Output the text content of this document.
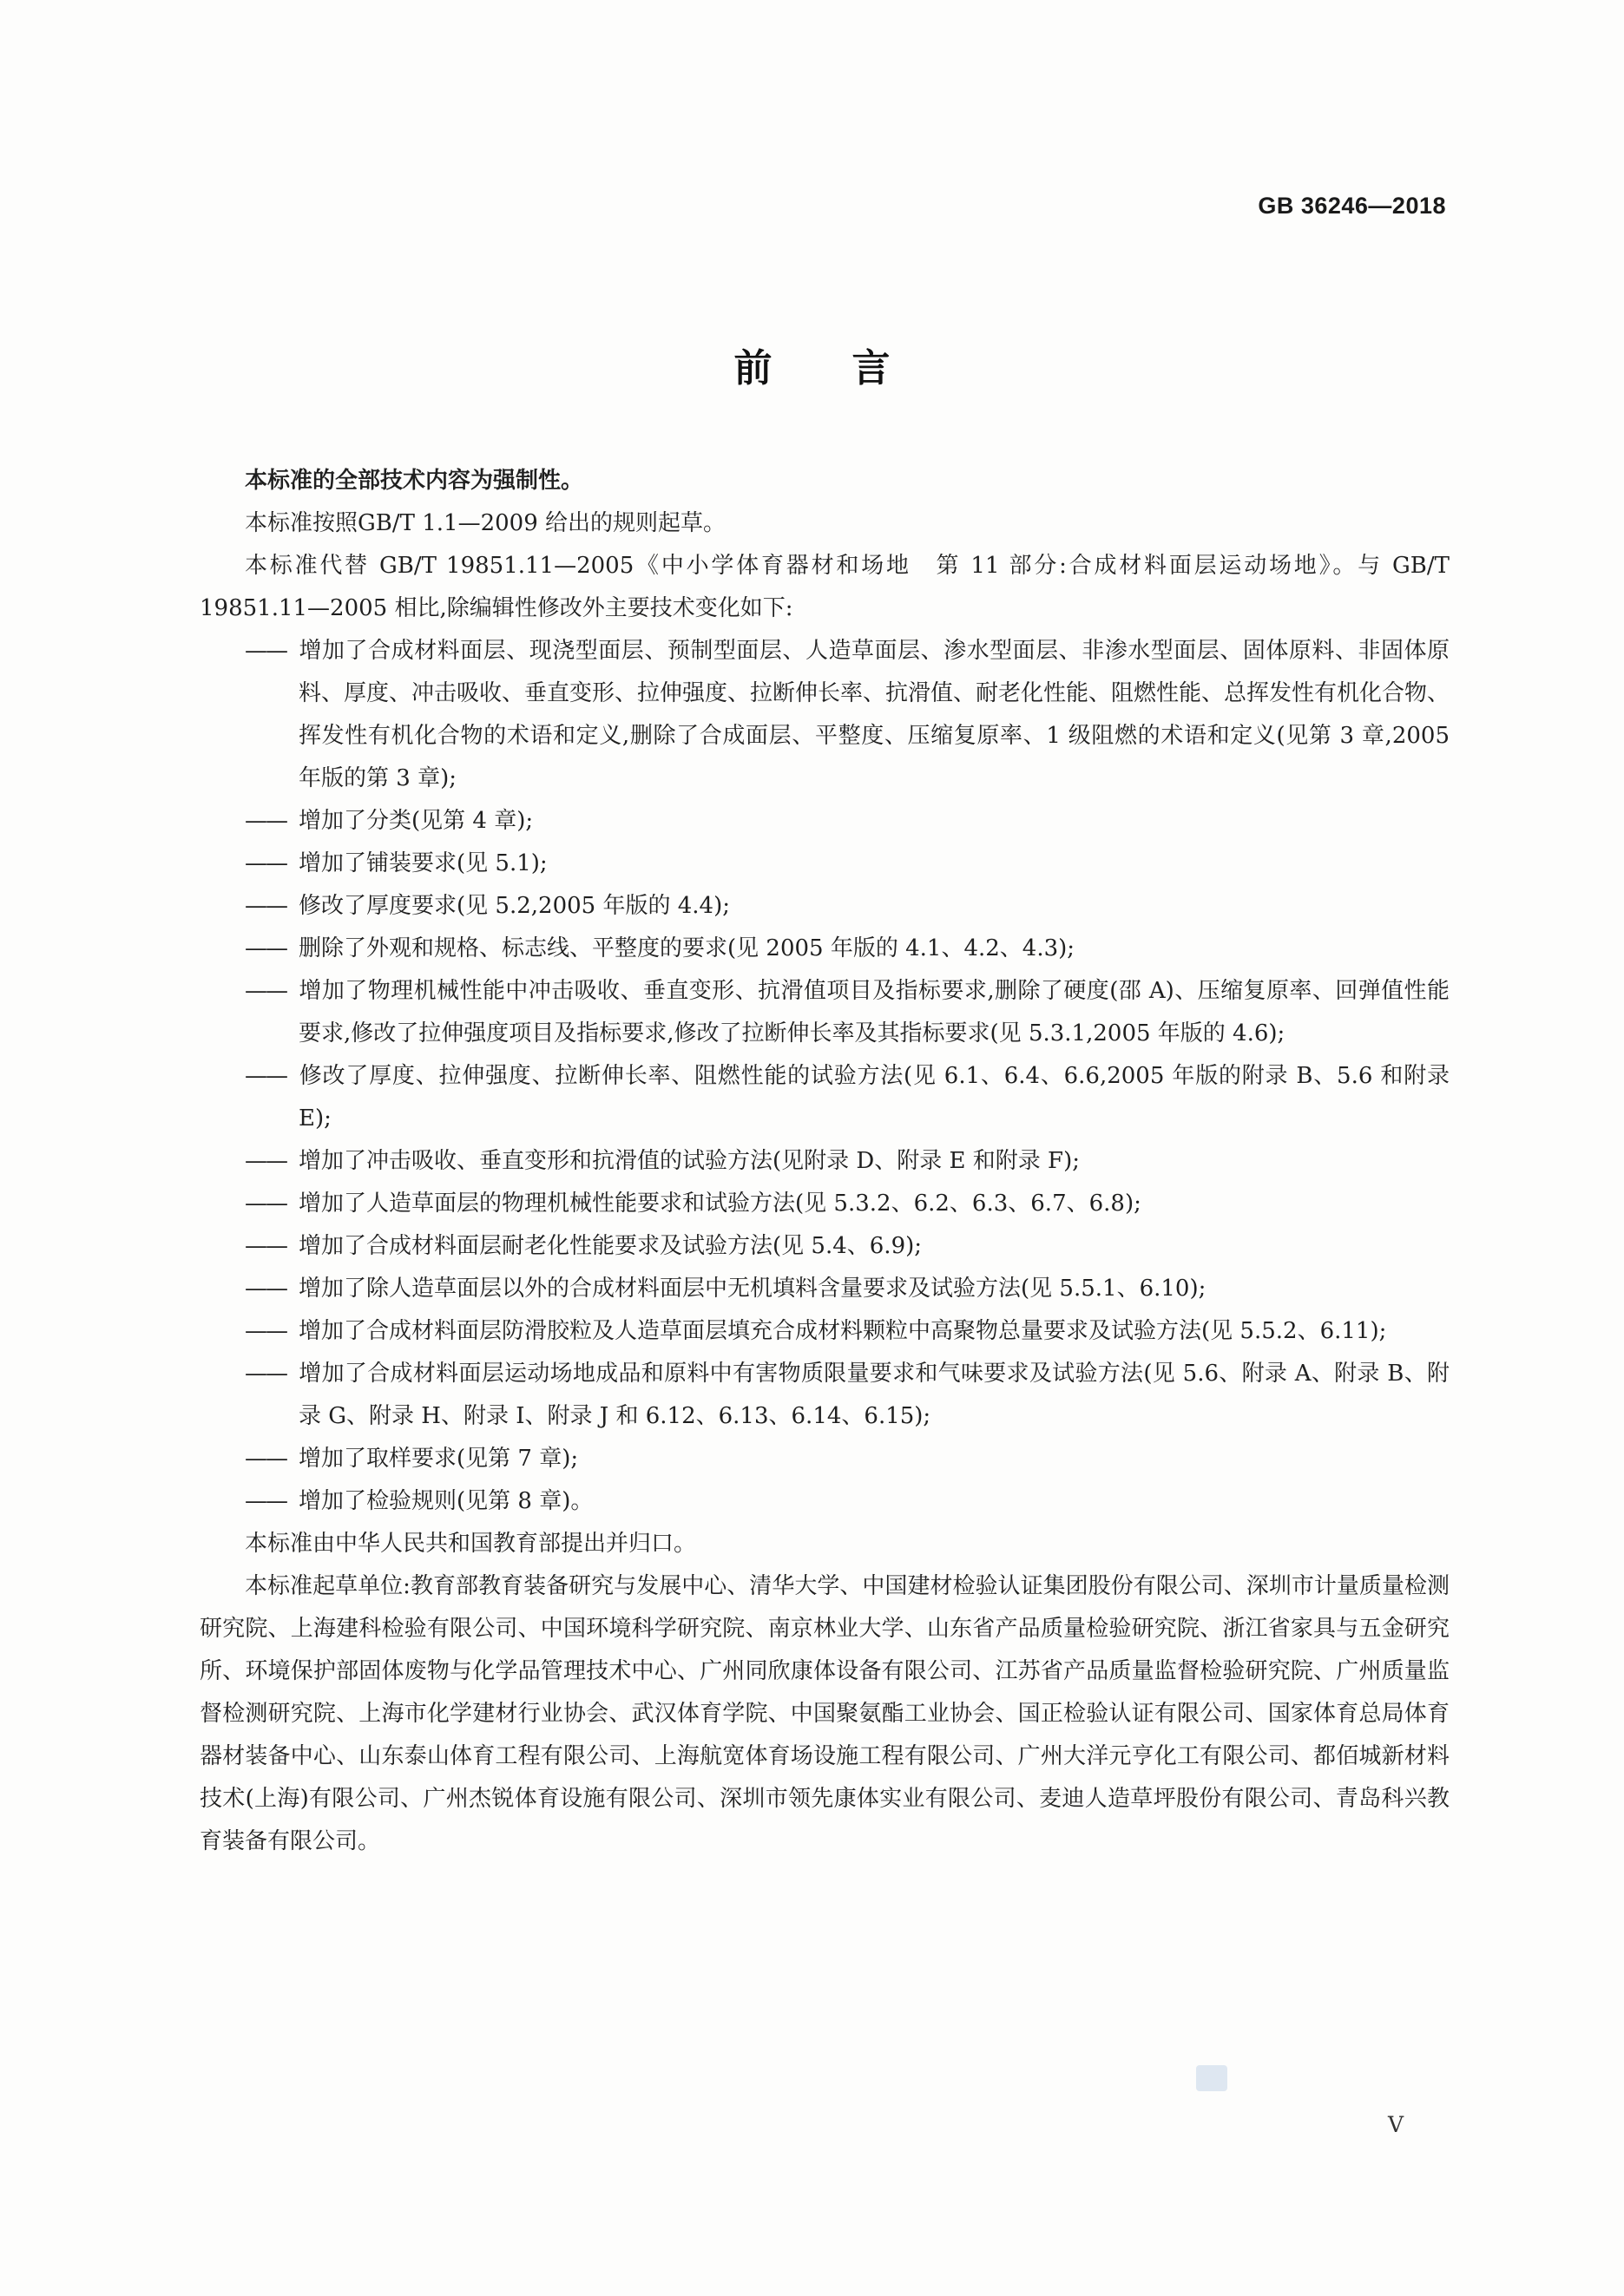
GB 36246—2018
前言

本标准的全部技术内容为强制性。

本标准按照GB/T 1.1—2009 给出的规则起草。

本标准代替 GB/T 19851.11—2005《中小学体育器材和场地　第 11 部分:合成材料面层运动场地》。与 GB/T 19851.11—2005 相比,除编辑性修改外主要技术变化如下:

—— 增加了合成材料面层、现浇型面层、预制型面层、人造草面层、渗水型面层、非渗水型面层、固体原料、非固体原料、厚度、冲击吸收、垂直变形、拉伸强度、拉断伸长率、抗滑值、耐老化性能、阻燃性能、总挥发性有机化合物、挥发性有机化合物的术语和定义,删除了合成面层、平整度、压缩复原率、1 级阻燃的术语和定义(见第 3 章,2005 年版的第 3 章);

—— 增加了分类(见第 4 章);

—— 增加了铺装要求(见 5.1);

—— 修改了厚度要求(见 5.2,2005 年版的 4.4);

—— 删除了外观和规格、标志线、平整度的要求(见 2005 年版的 4.1、4.2、4.3);

—— 增加了物理机械性能中冲击吸收、垂直变形、抗滑值项目及指标要求,删除了硬度(邵 A)、压缩复原率、回弹值性能要求,修改了拉伸强度项目及指标要求,修改了拉断伸长率及其指标要求(见 5.3.1,2005 年版的 4.6);

—— 修改了厚度、拉伸强度、拉断伸长率、阻燃性能的试验方法(见 6.1、6.4、6.6,2005 年版的附录 B、5.6 和附录 E);

—— 增加了冲击吸收、垂直变形和抗滑值的试验方法(见附录 D、附录 E 和附录 F);

—— 增加了人造草面层的物理机械性能要求和试验方法(见 5.3.2、6.2、6.3、6.7、6.8);

—— 增加了合成材料面层耐老化性能要求及试验方法(见 5.4、6.9);

—— 增加了除人造草面层以外的合成材料面层中无机填料含量要求及试验方法(见 5.5.1、6.10);

—— 增加了合成材料面层防滑胶粒及人造草面层填充合成材料颗粒中高聚物总量要求及试验方法(见 5.5.2、6.11);

—— 增加了合成材料面层运动场地成品和原料中有害物质限量要求和气味要求及试验方法(见 5.6、附录 A、附录 B、附录 G、附录 H、附录 I、附录 J 和 6.12、6.13、6.14、6.15);

—— 增加了取样要求(见第 7 章);

—— 增加了检验规则(见第 8 章)。

本标准由中华人民共和国教育部提出并归口。

本标准起草单位:教育部教育装备研究与发展中心、清华大学、中国建材检验认证集团股份有限公司、深圳市计量质量检测研究院、上海建科检验有限公司、中国环境科学研究院、南京林业大学、山东省产品质量检验研究院、浙江省家具与五金研究所、环境保护部固体废物与化学品管理技术中心、广州同欣康体设备有限公司、江苏省产品质量监督检验研究院、广州质量监督检测研究院、上海市化学建材行业协会、武汉体育学院、中国聚氨酯工业协会、国正检验认证有限公司、国家体育总局体育器材装备中心、山东泰山体育工程有限公司、上海航宽体育场设施工程有限公司、广州大洋元亨化工有限公司、都佰城新材料技术(上海)有限公司、广州杰锐体育设施有限公司、深圳市领先康体实业有限公司、麦迪人造草坪股份有限公司、青岛科兴教育装备有限公司。

V
